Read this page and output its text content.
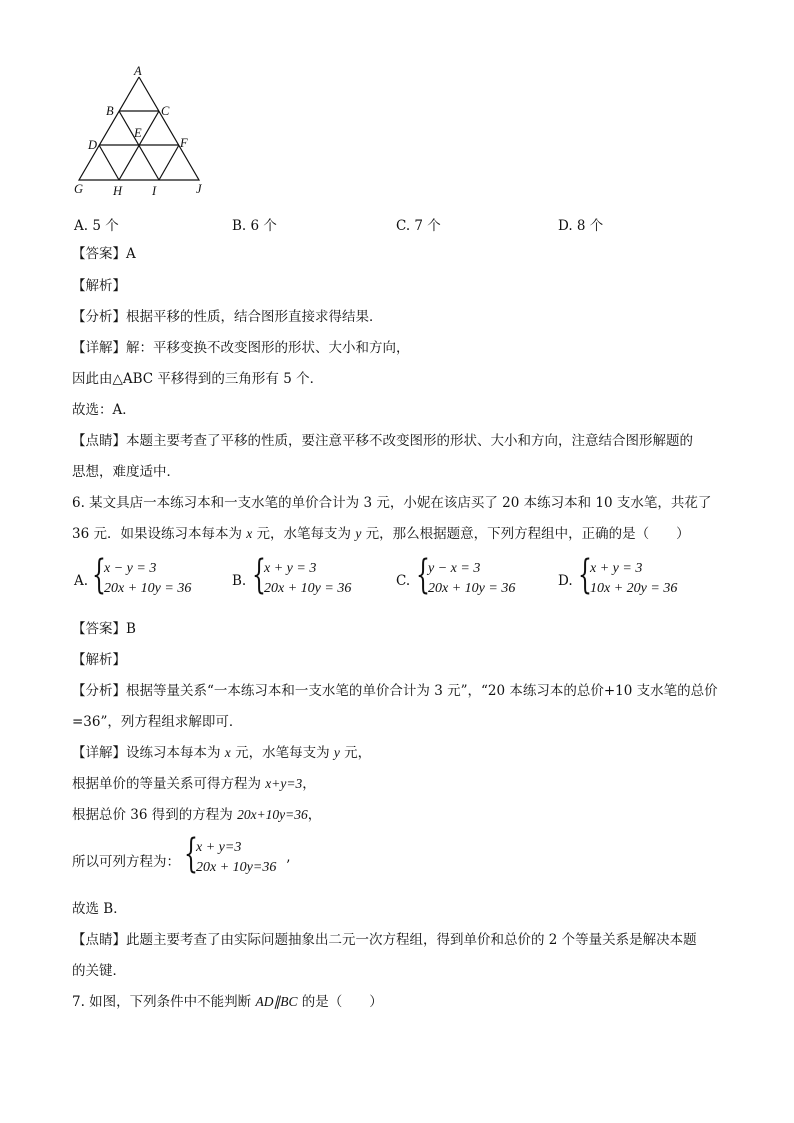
A
B	C
D
E
F
G H I	J
A. 5 个	B. 6 个	C. 7 个	D. 8 个
【答案】A
【解析】
【分析】根据平移的性质，结合图形直接求得结果．
【详解】解：平移变换不改变图形的形状、大小和方向，
因此由△ABC 平移得到的三角形有 5 个．
故选：A．
【点睛】本题主要考查了平移的性质，要注意平移不改变图形的形状、大小和方向，注意结合图形解题的
思想，难度适中．
6. 某文具店一本练习本和一支水笔的单价合计为 3 元，小妮在该店买了 20 本练习本和 10 支水笔，共花了
36 元．如果设练习本每本为 x 元，水笔每支为 y 元，那么根据题意，下列方程组中，正确的是（　　）
A. {
x − y = 3
20x + 10y = 36	B. {
x + y = 3
20x + 10y = 36	C. {
y − x = 3
20x + 10y = 36	D. {
x + y = 3
10x + 20y = 36
【答案】B
【解析】
【分析】根据等量关系“一本练习本和一支水笔的单价合计为 3 元”，“20 本练习本的总价+10 支水笔的总价
=36”，列方程组求解即可．
【详解】设练习本每本为 x 元，水笔每支为 y 元，
根据单价的等量关系可得方程为 x+y=3，
根据总价 36 得到的方程为 20x+10y=36，
所以可列方程为： {
x + y=3
20x + 10y=36 ’
故选 B．
【点睛】此题主要考查了由实际问题抽象出二元一次方程组，得到单价和总价的 2 个等量关系是解决本题
的关键．
7. 如图，下列条件中不能判断 AD∥BC 的是（　　）
